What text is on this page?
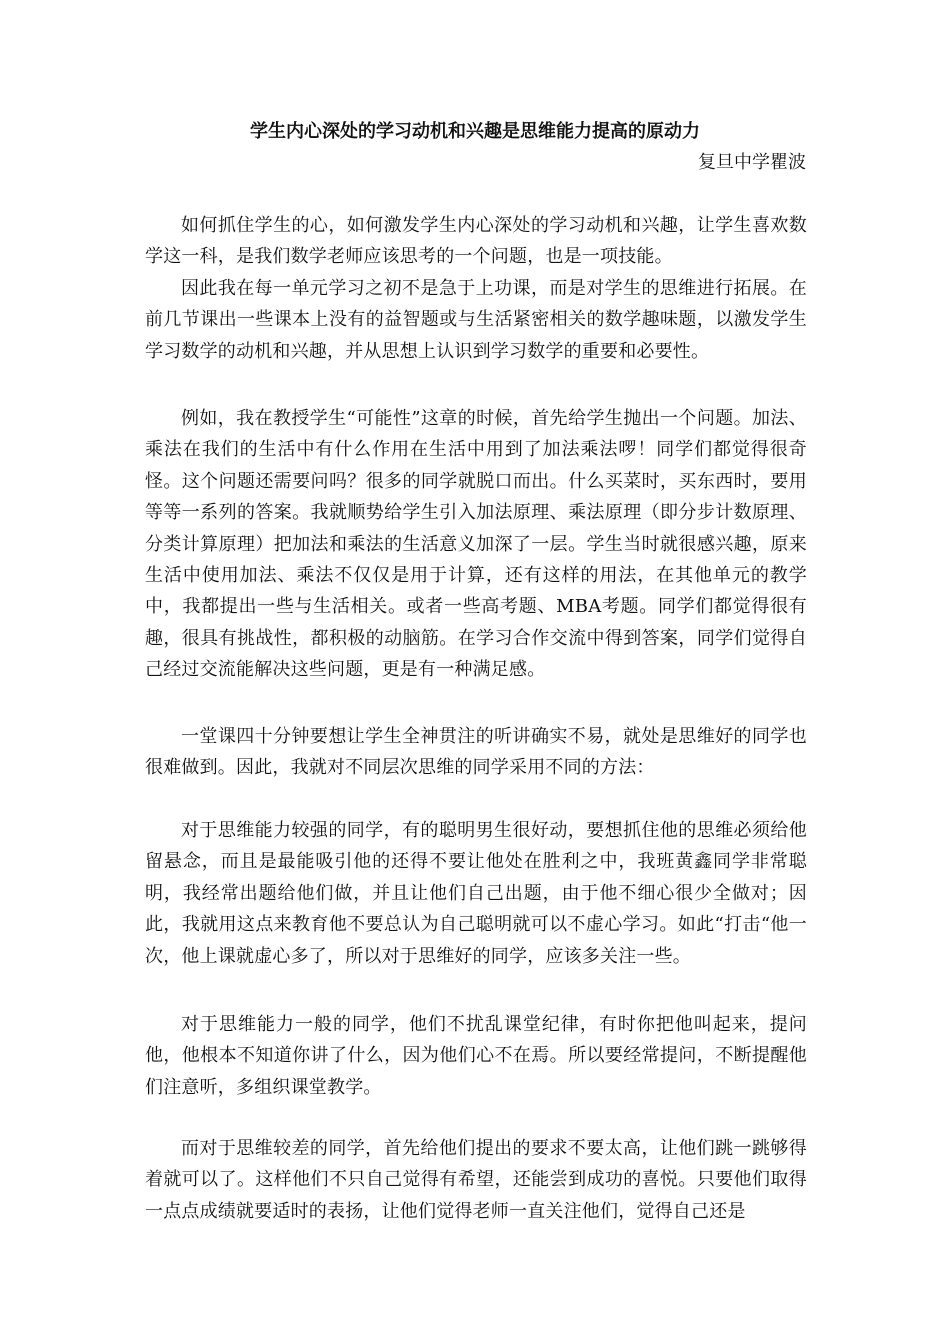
学生内心深处的学习动机和兴趣是思维能力提高的原动力

复旦中学瞿波

如何抓住学生的心，如何激发学生内心深处的学习动机和兴趣，让学生喜欢数学这一科，是我们数学老师应该思考的一个问题，也是一项技能。

因此我在每一单元学习之初不是急于上功课，而是对学生的思维进行拓展。在前几节课出一些课本上没有的益智题或与生活紧密相关的数学趣味题，以激发学生学习数学的动机和兴趣，并从思想上认识到学习数学的重要和必要性。

例如，我在教授学生“可能性”这章的时候，首先给学生抛出一个问题。加法、乘法在我们的生活中有什么作用在生活中用到了加法乘法啰！同学们都觉得很奇怪。这个问题还需要问吗？很多的同学就脱口而出。什么买菜时，买东西时，要用等等一系列的答案。我就顺势给学生引入加法原理、乘法原理（即分步计数原理、分类计算原理）把加法和乘法的生活意义加深了一层。学生当时就很感兴趣，原来生活中使用加法、乘法不仅仅是用于计算，还有这样的用法，在其他单元的教学中，我都提出一些与生活相关。或者一些高考题、MBA考题。同学们都觉得很有趣，很具有挑战性，都积极的动脑筋。在学习合作交流中得到答案，同学们觉得自己经过交流能解决这些问题，更是有一种满足感。

一堂课四十分钟要想让学生全神贯注的听讲确实不易，就处是思维好的同学也很难做到。因此，我就对不同层次思维的同学采用不同的方法：

对于思维能力较强的同学，有的聪明男生很好动，要想抓住他的思维必须给他留悬念，而且是最能吸引他的还得不要让他处在胜利之中，我班黄鑫同学非常聪明，我经常出题给他们做，并且让他们自己出题，由于他不细心很少全做对；因此，我就用这点来教育他不要总认为自己聪明就可以不虚心学习。如此“打击“他一次，他上课就虚心多了，所以对于思维好的同学，应该多关注一些。

对于思维能力一般的同学，他们不扰乱课堂纪律，有时你把他叫起来，提问他，他根本不知道你讲了什么，因为他们心不在焉。所以要经常提问，不断提醒他们注意听，多组织课堂教学。

而对于思维较差的同学，首先给他们提出的要求不要太高，让他们跳一跳够得着就可以了。这样他们不只自己觉得有希望，还能尝到成功的喜悦。只要他们取得一点点成绩就要适时的表扬，让他们觉得老师一直关注他们，觉得自己还是
